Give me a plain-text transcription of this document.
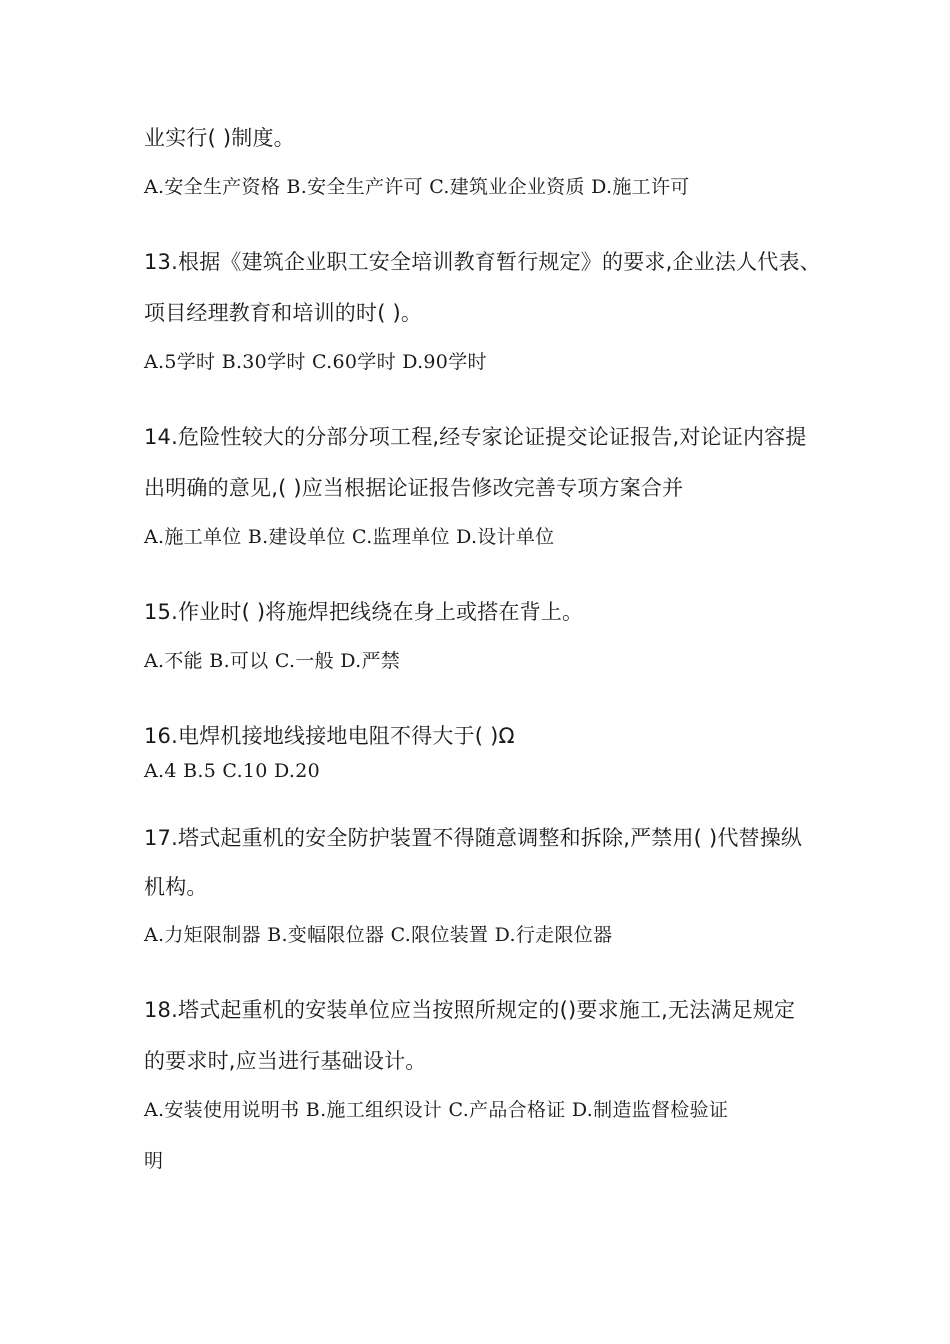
业实行( )制度。
A.安全生产资格 B.安全生产许可 C.建筑业企业资质 D.施工许可
13.根据《建筑企业职工安全培训教育暂行规定》的要求,企业法人代表、
项目经理教育和培训的时( )。
A.5学时 B.30学时 C.60学时 D.90学时
14.危险性较大的分部分项工程,经专家论证提交论证报告,对论证内容提
出明确的意见,( )应当根据论证报告修改完善专项方案合并
A.施工单位 B.建设单位 C.监理单位 D.设计单位
15.作业时( )将施焊把线绕在身上或搭在背上。
A.不能 B.可以 C.一般 D.严禁
16.电焊机接地线接地电阻不得大于( )Ω
A.4 B.5 C.10 D.20
17.塔式起重机的安全防护装置不得随意调整和拆除,严禁用( )代替操纵
机构。
A.力矩限制器 B.变幅限位器 C.限位装置 D.行走限位器
18.塔式起重机的安装单位应当按照所规定的()要求施工,无法满足规定
的要求时,应当进行基础设计。
A.安装使用说明书 B.施工组织设计 C.产品合格证 D.制造监督检验证
明
